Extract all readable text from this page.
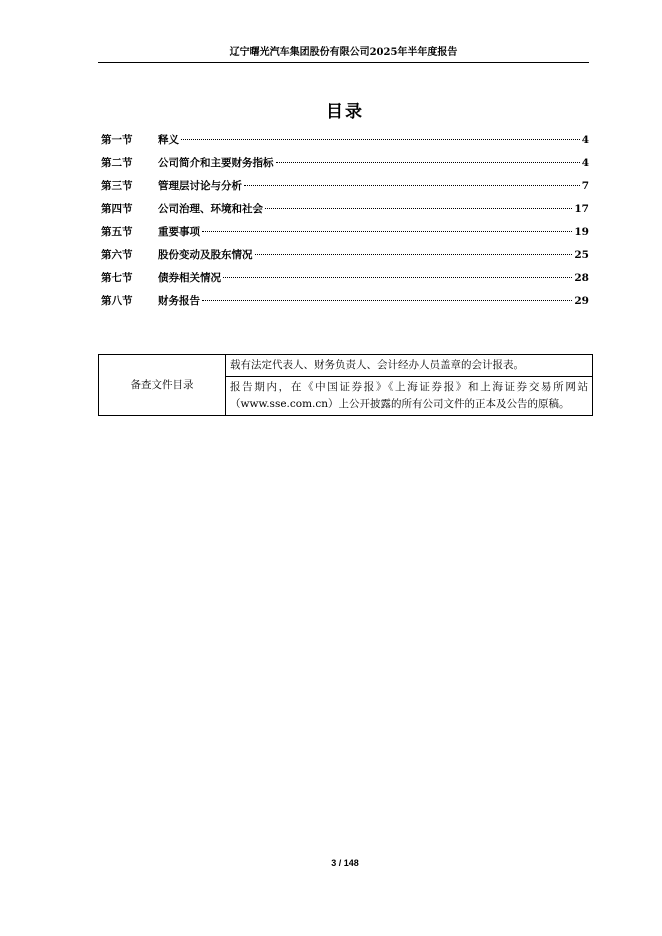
辽宁曙光汽车集团股份有限公司2025年半年度报告
目录
第一节	释义	4
第二节	公司简介和主要财务指标	4
第三节	管理层讨论与分析	7
第四节	公司治理、环境和社会	17
第五节	重要事项	19
第六节	股份变动及股东情况	25
第七节	债券相关情况	28
第八节	财务报告	29
备查文件目录	载有法定代表人、财务负责人、会计经办人员盖章的会计报表。
报告期内，在《中国证券报》《上海证券报》和上海证券交易所网站（www.sse.com.cn）上公开披露的所有公司文件的正本及公告的原稿。
3 / 148
